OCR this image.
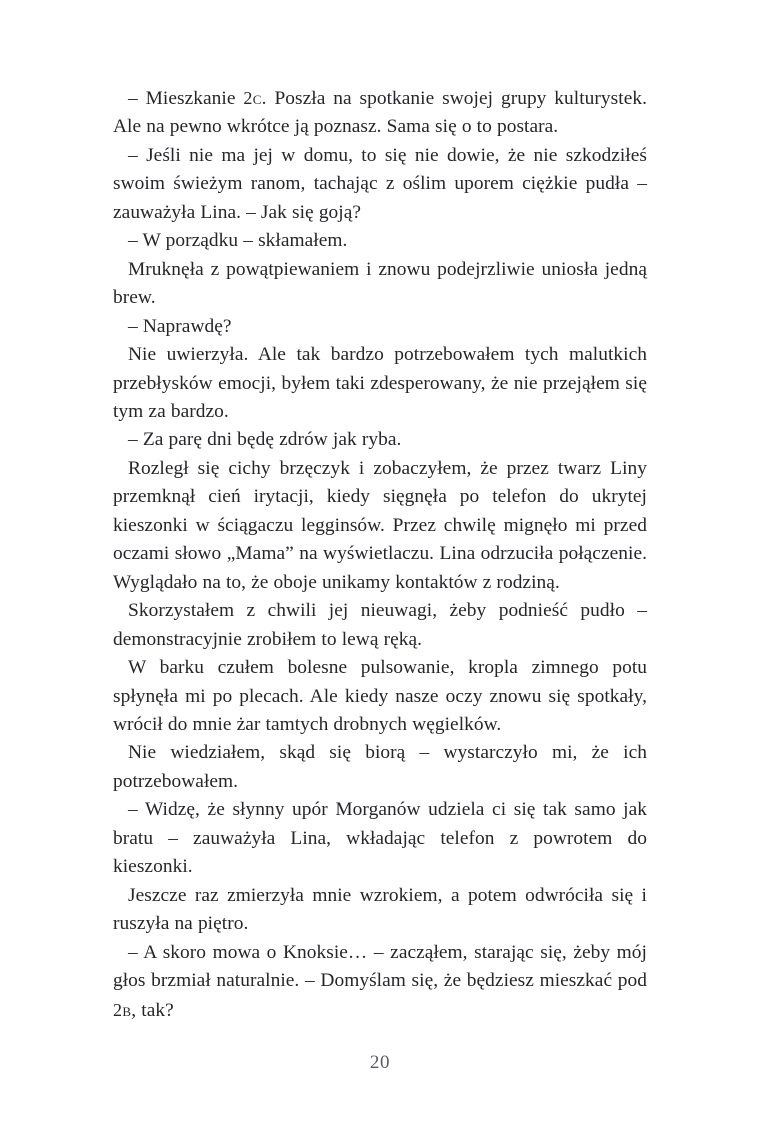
– Mieszkanie 2c. Poszła na spotkanie swojej grupy kulturystek. Ale na pewno wkrótce ją poznasz. Sama się o to postara.

– Jeśli nie ma jej w domu, to się nie dowie, że nie szkodziłeś swoim świeżym ranom, tachając z oślim uporem ciężkie pudła – zauważyła Lina. – Jak się goją?

– W porządku – skłamałem.

Mruknęła z powątpiewaniem i znowu podejrzliwie uniosła jedną brew.

– Naprawdę?

Nie uwierzyła. Ale tak bardzo potrzebowałem tych malutkich przebłysków emocji, byłem taki zdesperowany, że nie przejąłem się tym za bardzo.

– Za parę dni będę zdrów jak ryba.

Rozległ się cichy brzęczyk i zobaczyłem, że przez twarz Liny przemknął cień irytacji, kiedy sięgnęła po telefon do ukrytej kieszonki w ściągaczu legginsów. Przez chwilę mignęło mi przed oczami słowo „Mama” na wyświetlaczu. Lina odrzuciła połączenie. Wyglądało na to, że oboje unikamy kontaktów z rodziną.

Skorzystałem z chwili jej nieuwagi, żeby podnieść pudło – demonstracyjnie zrobiłem to lewą ręką.

W barku czułem bolesne pulsowanie, kropla zimnego potu spłynęła mi po plecach. Ale kiedy nasze oczy znowu się spotkały, wrócił do mnie żar tamtych drobnych węgielków.

Nie wiedziałem, skąd się biorą – wystarczyło mi, że ich potrzebowałem.

– Widzę, że słynny upór Morganów udziela ci się tak samo jak bratu – zauważyła Lina, wkładając telefon z powrotem do kieszonki.

Jeszcze raz zmierzyła mnie wzrokiem, a potem odwróciła się i ruszyła na piętro.

– A skoro mowa o Knoksie… – zacząłem, starając się, żeby mój głos brzmiał naturalnie. – Domyślam się, że będziesz mieszkać pod 2b, tak?

20
